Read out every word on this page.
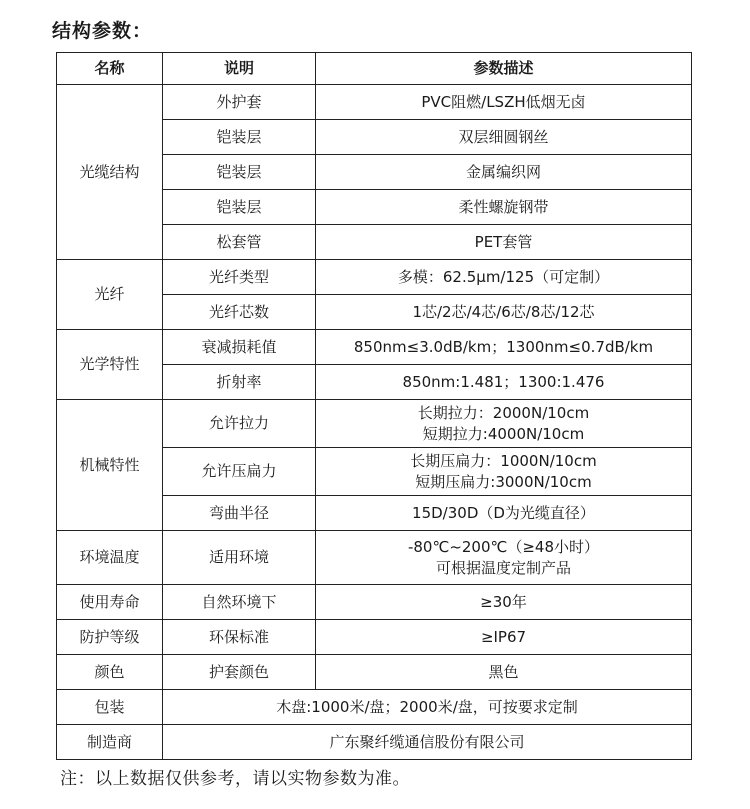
结构参数：
名称	说明	参数描述
光缆结构	外护套	PVC阻燃/LSZH低烟无卤
	铠装层	双层细圆钢丝
	铠装层	金属编织网
	铠装层	柔性螺旋钢带
	松套管	PET套管
光纤	光纤类型	多模：62.5μm/125（可定制）
	光纤芯数	1芯/2芯/4芯/6芯/8芯/12芯
光学特性	衰减损耗值	850nm≤3.0dB/km；1300nm≤0.7dB/km
	折射率	850nm:1.481；1300:1.476
机械特性	允许拉力	长期拉力：2000N/10cm
短期拉力:4000N/10cm

	允许压扁力	长期压扁力：1000N/10cm
短期压扁力:3000N/10cm

	弯曲半径	15D/30D（D为光缆直径）
环境温度	适用环境	-80℃~200℃（≥48小时）
可根据温度定制产品

使用寿命	自然环境下	≥30年
防护等级	环保标准	≥IP67
颜色	护套颜色	黑色
包装	木盘:1000米/盘；2000米/盘，可按要求定制	
制造商	广东聚纤缆通信股份有限公司	
注：以上数据仅供参考，请以实物参数为准。
